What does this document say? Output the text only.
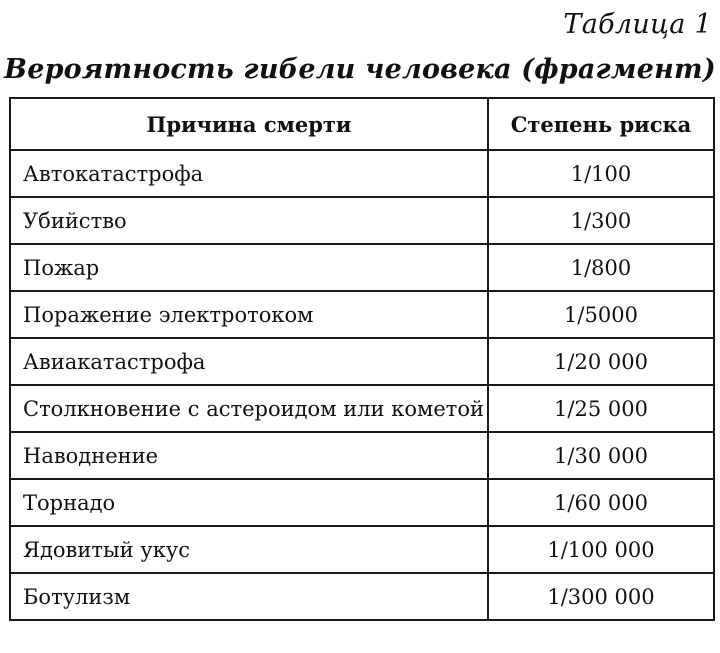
Таблица 1
Вероятность гибели человека (фрагмент)
Причина смерти	Степень риска
Автокатастрофа	1/100
Убийство	1/300
Пожар	1/800
Поражение электротоком	1/5000
Авиакатастрофа	1/20 000
Столкновение с астероидом или кометой	1/25 000
Наводнение	1/30 000
Торнадо	1/60 000
Ядовитый укус	1/100 000
Ботулизм	1/300 000
